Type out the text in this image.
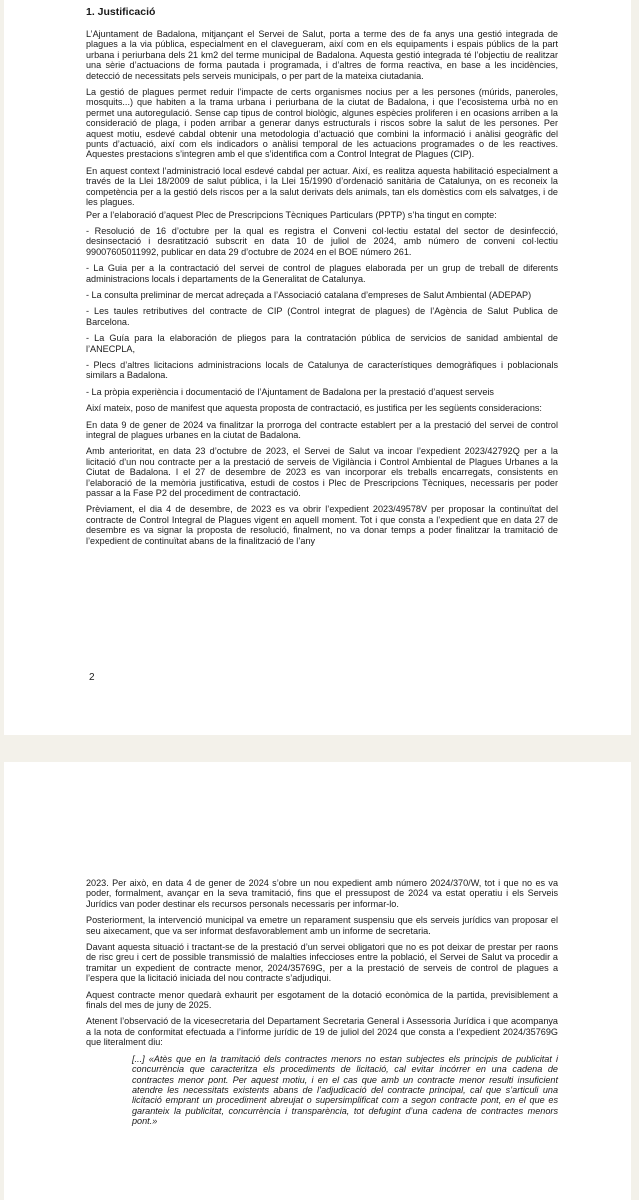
1. Justificació

L’Ajuntament de Badalona, mitjançant el Servei de Salut, porta a terme des de fa anys una gestió integrada de plagues a la via pública, especialment en el clavegueram, així com en els equipaments i espais públics de la part urbana i periurbana dels 21 km2 del terme municipal de Badalona. Aquesta gestió integrada té l’objectiu de realitzar una sèrie d’actuacions de forma pautada i programada, i d’altres de forma reactiva, en base a les incidències, detecció de necessitats pels serveis municipals, o per part de la mateixa ciutadania.

La gestió de plagues permet reduir l’impacte de certs organismes nocius per a les persones (múrids, paneroles, mosquits...) que habiten a la trama urbana i periurbana de la ciutat de Badalona, i que l’ecosistema urbà no en permet una autoregulació. Sense cap tipus de control biològic, algunes espècies proliferen i en ocasions arriben a la consideració de plaga, i poden arribar a generar danys estructurals i riscos sobre la salut de les persones. Per aquest motiu, esdevé cabdal obtenir una metodologia d’actuació que combini la informació i anàlisi geogràfic del punts d’actuació, així com els indicadors o anàlisi temporal de les actuacions programades o de les reactives. Aquestes prestacions s’integren amb el que s’identifica com a Control Integrat de Plagues (CIP).

En aquest context l’administració local esdevé cabdal per actuar. Així, es realitza aquesta habilitació especialment a través de la Llei 18/2009 de salut pública, i la Llei 15/1990 d’ordenació sanitària de Catalunya, on es reconeix la competència per a la gestió dels riscos per a la salut derivats dels animals, tan els domèstics com els salvatges, i de les plagues.

Per a l’elaboració d’aquest Plec de Prescripcions Tècniques Particulars (PPTP) s’ha tingut en compte:

- Resolució de 16 d’octubre per la qual es registra el Conveni col·lectiu estatal del sector de desinfecció, desinsectació i desratització subscrit en data 10 de juliol de 2024, amb número de conveni col·lectiu 99007605011992, publicar en data 29 d’octubre de 2024 en el BOE número 261.

- La Guia per a la contractació del servei de control de plagues elaborada per un grup de treball de diferents administracions locals i departaments de la Generalitat de Catalunya.

- La consulta preliminar de mercat adreçada a l’Associació catalana d’empreses de Salut Ambiental (ADEPAP)

- Les taules retributives del contracte de CIP (Control integrat de plagues) de l’Agència de Salut Publica de Barcelona.

- La Guía para la elaboración de pliegos para la contratación pública de servicios de sanidad ambiental de l’ANECPLA,

- Plecs d’altres licitacions administracions locals de Catalunya de característiques demogràfiques i poblacionals similars a Badalona.

- La pròpia experiència i documentació de l’Ajuntament de Badalona per la prestació d’aquest serveis

Així mateix, poso de manifest que aquesta proposta de contractació, es justifica per les següents consideracions:

En data 9 de gener de 2024 va finalitzar la prorroga del contracte establert per a la prestació del servei de control integral de plagues urbanes en la ciutat de Badalona.

Amb anterioritat, en data 23 d’octubre de 2023, el Servei de Salut va incoar l’expedient 2023/42792Q per a la licitació d’un nou contracte per a la prestació de serveis de Vigilància i Control Ambiental de Plagues Urbanes a la Ciutat de Badalona. I el 27 de desembre de 2023 es van incorporar els treballs encarregats, consistents en l’elaboració de la memòria justificativa, estudi de costos i Plec de Prescripcions Tècniques, necessaris per poder passar a la Fase P2 del procediment de contractació.

Prèviament, el dia 4 de desembre, de 2023 es va obrir l’expedient 2023/49578V per proposar la continuïtat del contracte de Control Integral de Plagues vigent en aquell moment. Tot i que consta a l’expedient que en data 27 de desembre es va signar la proposta de resolució, finalment, no va donar temps a poder finalitzar la tramitació de l’expedient de continuïtat abans de la finalització de l’any

2

2023. Per això, en data 4 de gener de 2024 s’obre un nou expedient amb número 2024/370/W, tot i que no es va poder, formalment, avançar en la seva tramitació, fins que el pressupost de 2024 va estat operatiu i els Serveis Jurídics van poder destinar els recursos personals necessaris per informar-lo.

Posteriorment, la intervenció municipal va emetre un reparament suspensiu que els serveis jurídics van proposar el seu aixecament, que va ser informat desfavorablement amb un informe de secretaria.

Davant aquesta situació i tractant-se de la prestació d’un servei obligatori que no es pot deixar de prestar per raons de risc greu i cert de possible transmissió de malalties infeccioses entre la població, el Servei de Salut va procedir a tramitar un expedient de contracte menor, 2024/35769G, per a la prestació de serveis de control de plagues a l’espera que la licitació iniciada del nou contracte s’adjudiqui.

Aquest contracte menor quedarà exhaurit per esgotament de la dotació econòmica de la partida, previsiblement a finals del mes de juny de 2025.

Atenent l’observació de la vicesecretaria del Departament Secretaria General i Assessoria Jurídica i que acompanya a la nota de conformitat efectuada a l’informe jurídic de 19 de juliol del 2024 que consta a l’expedient 2024/35769G que literalment diu:

[...] «Atès que en la tramitació dels contractes menors no estan subjectes els principis de publicitat i concurrència que caracteritza els procediments de licitació, cal evitar incórrer en una cadena de contractes menor pont. Per aquest motiu, i en el cas que amb un contracte menor resulti insuficient atendre les necessitats existents abans de l’adjudicació del contracte principal, cal que s’articuli una licitació emprant un procediment abreujat o supersimplificat com a segon contracte pont, en el que es garanteix la publicitat, concurrència i transparència, tot defugint d’una cadena de contractes menors pont.»
